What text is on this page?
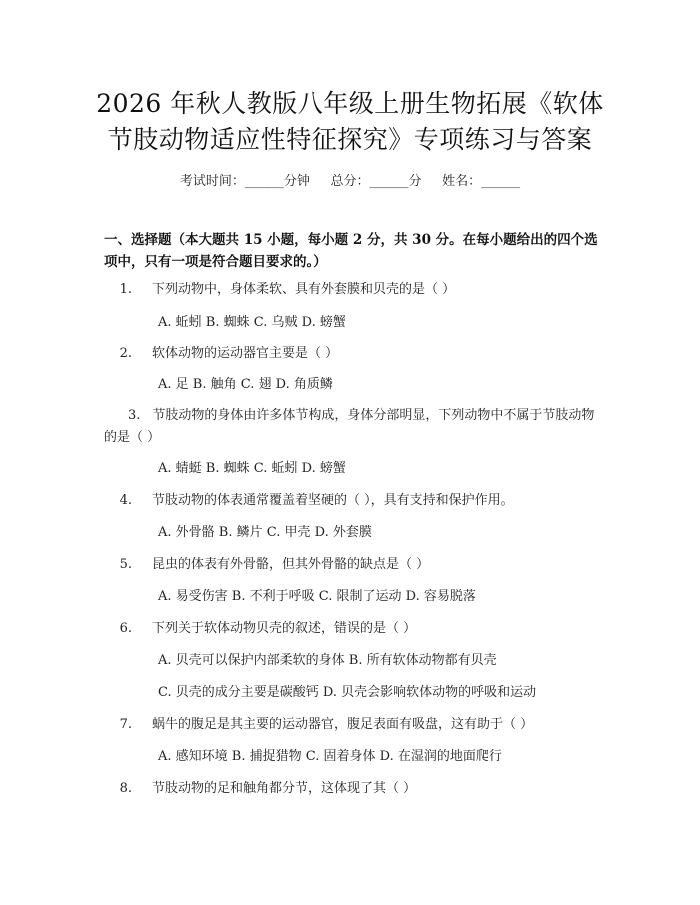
2026 年秋人教版八年级上册生物拓展《软体
节肢动物适应性特征探究》专项练习与答案
考试时间：______分钟     总分：______分     姓名：______
一、选择题（本大题共 15 小题，每小题 2 分，共 30 分。在每小题给出的四个选项中，只有一项是符合题目要求的。）
1. 下列动物中，身体柔软、具有外套膜和贝壳的是（ ）
A. 蚯蚓 B. 蜘蛛 C. 乌贼 D. 螃蟹
2. 软体动物的运动器官主要是（ ）
A. 足 B. 触角 C. 翅 D. 角质鳞
3. 节肢动物的身体由许多体节构成，身体分部明显，下列动物中不属于节肢动物的是（ ）
A. 蜻蜓 B. 蜘蛛 C. 蚯蚓 D. 螃蟹
4. 节肢动物的体表通常覆盖着坚硬的（ ），具有支持和保护作用。
A. 外骨骼 B. 鳞片 C. 甲壳 D. 外套膜
5. 昆虫的体表有外骨骼，但其外骨骼的缺点是（ ）
A. 易受伤害 B. 不利于呼吸 C. 限制了运动 D. 容易脱落
6. 下列关于软体动物贝壳的叙述，错误的是（ ）
A. 贝壳可以保护内部柔软的身体 B. 所有软体动物都有贝壳
C. 贝壳的成分主要是碳酸钙 D. 贝壳会影响软体动物的呼吸和运动
7. 蜗牛的腹足是其主要的运动器官，腹足表面有吸盘，这有助于（ ）
A. 感知环境 B. 捕捉猎物 C. 固着身体 D. 在湿润的地面爬行
8. 节肢动物的足和触角都分节，这体现了其（ ）
